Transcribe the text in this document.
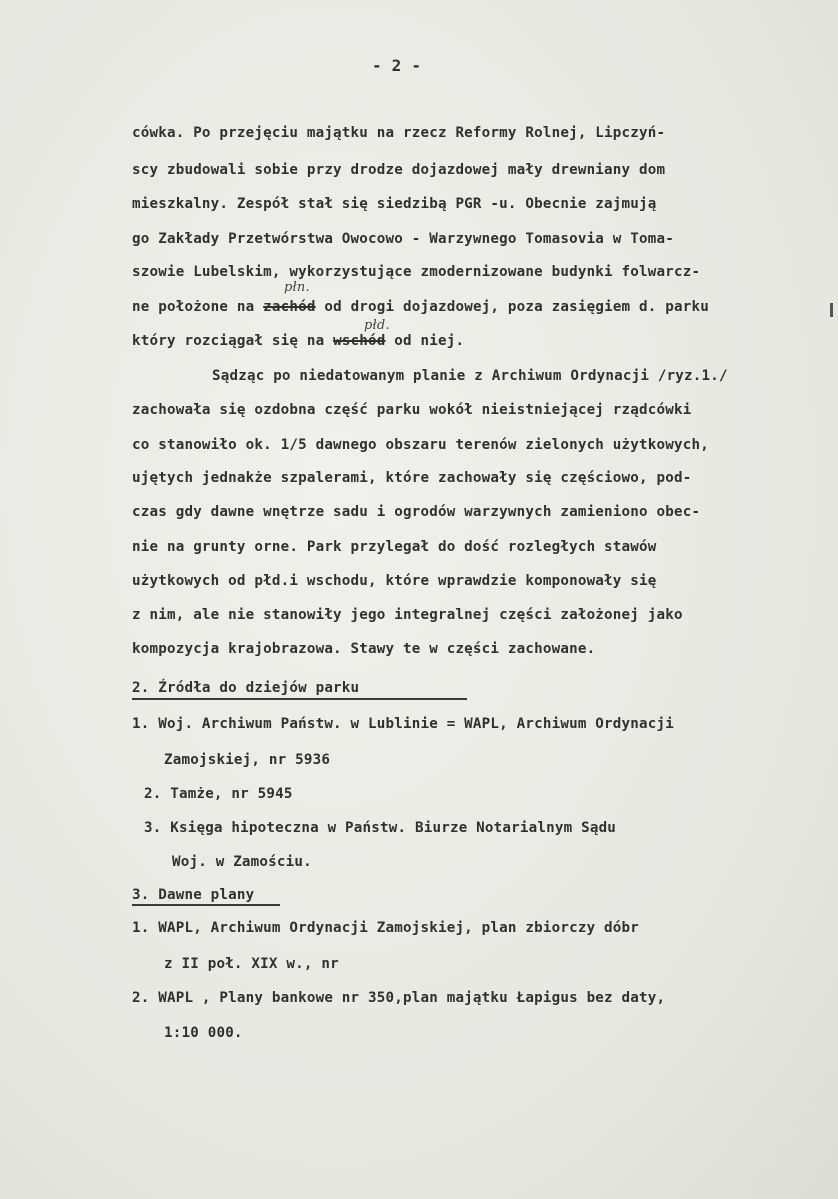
- 2 -
cówka. Po przejęciu majątku na rzecz Reformy Rolnej, Lipczyń-
scy zbudowali sobie przy drodze dojazdowej mały drewniany dom
mieszkalny. Zespół stał się siedzibą PGR -u. Obecnie zajmują
go Zakłady Przetwórstwa Owocowo - Warzywnego Tomasovia w Toma-
szowie Lubelskim, wykorzystujące zmodernizowane budynki folwarcz-
ne położone na zachód od drogi dojazdowej, poza zasięgiem d. parku
płn.
który rozciągał się na wschód od niej.
płd.
Sądząc po niedatowanym planie z Archiwum Ordynacji /ryz.1./
zachowała się ozdobna część parku wokół nieistniejącej rządcówki
co stanowiło ok. 1/5 dawnego obszaru terenów zielonych użytkowych,
ujętych jednakże szpalerami, które zachowały się częściowo, pod-
czas gdy dawne wnętrze sadu i ogrodów warzywnych zamieniono obec-
nie na grunty orne. Park przylegał do dość rozległych stawów
użytkowych od płd.i wschodu, które wprawdzie komponowały się
z nim, ale nie stanowiły jego integralnej części założonej jako
kompozycja krajobrazowa. Stawy te w części zachowane.
2. Źródła do dziejów parku
1. Woj. Archiwum Państw. w Lublinie = WAPL, Archiwum Ordynacji
Zamojskiej, nr 5936
2. Tamże, nr 5945
3. Księga hipoteczna w Państw. Biurze Notarialnym Sądu
Woj. w Zamościu.
3. Dawne plany
1. WAPL, Archiwum Ordynacji Zamojskiej, plan zbiorczy dóbr
z II poł. XIX w., nr
2. WAPL , Plany bankowe nr 350,plan majątku Łapigus bez daty,
1:10 000.
